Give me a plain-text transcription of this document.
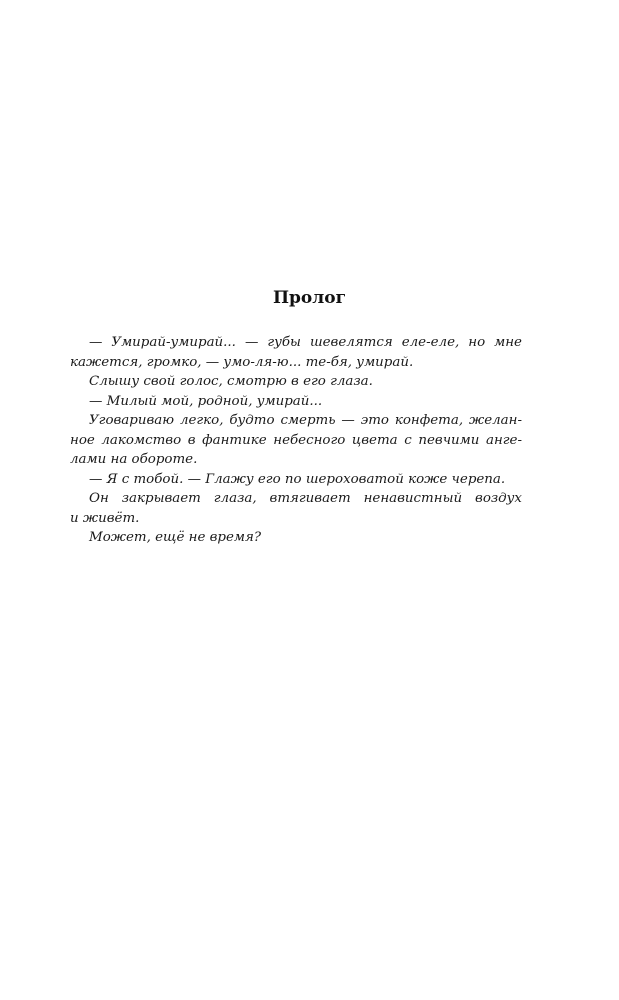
Пролог

— Умирай-умирай... — губы шевелятся еле-еле, но мне

кажется, громко, — умо-ля-ю... те-бя, умирай.

Слышу свой голос, смотрю в его глаза.

— Милый мой, родной, умирай...

Уговариваю легко, будто смерть — это конфета, желан-

ное лакомство в фантике небесного цвета с певчими анге-

лами на обороте.

— Я с тобой. — Глажу его по шероховатой коже черепа.

Он закрывает глаза, втягивает ненавистный воздух

и живёт.

Может, ещё не время?
